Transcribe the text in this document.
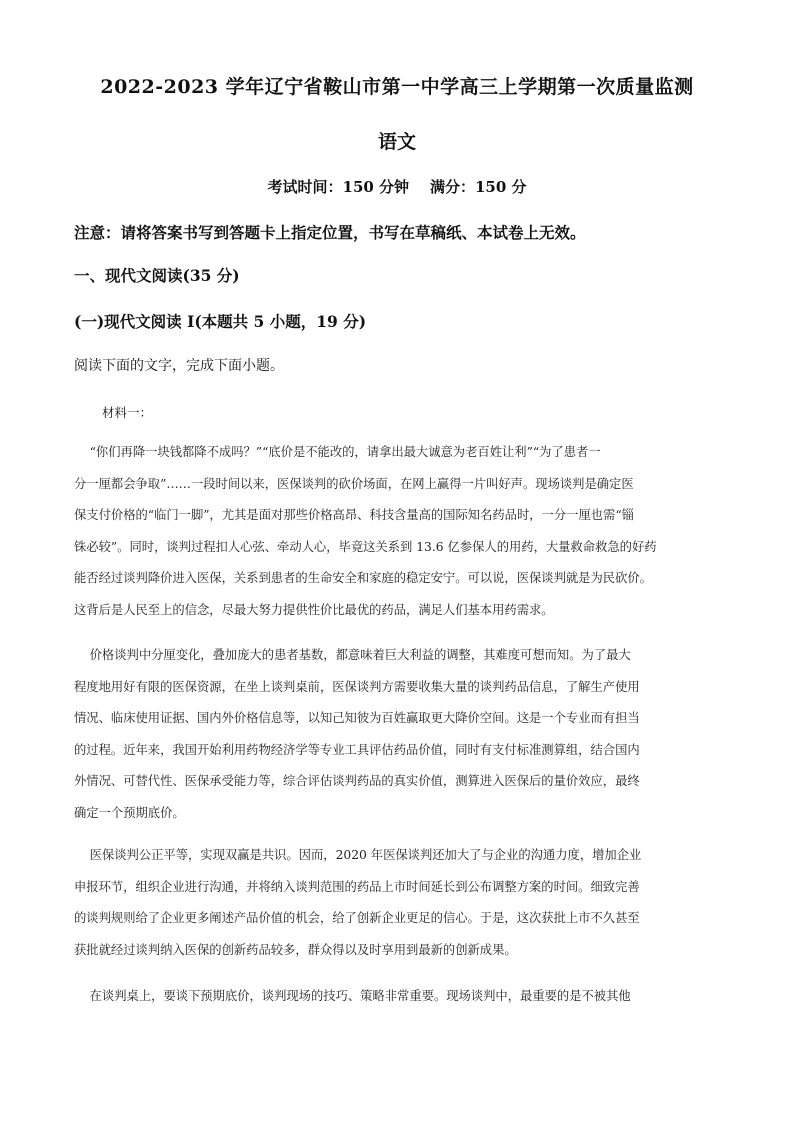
2022-2023 学年辽宁省鞍山市第一中学高三上学期第一次质量监测
语文
考试时间：150 分钟    满分：150 分
注意：请将答案书写到答题卡上指定位置，书写在草稿纸、本试卷上无效。
一、现代文阅读(35 分)
(一)现代文阅读 I(本题共 5 小题，19 分)
阅读下面的文字，完成下面小题。
材料一：
“你们再降一块钱都降不成吗？”“底价是不能改的，请拿出最大诚意为老百姓让利”“为了患者一
分一厘都会争取”……一段时间以来，医保谈判的砍价场面，在网上赢得一片叫好声。现场谈判是确定医
保支付价格的“临门一脚”，尤其是面对那些价格高昂、科技含量高的国际知名药品时，一分一厘也需“锱
铢必较”。同时，谈判过程扣人心弦、牵动人心，毕竟这关系到 13.6 亿参保人的用药，大量救命救急的好药
能否经过谈判降价进入医保，关系到患者的生命安全和家庭的稳定安宁。可以说，医保谈判就是为民砍价。
这背后是人民至上的信念，尽最大努力提供性价比最优的药品，满足人们基本用药需求。
价格谈判中分厘变化，叠加庞大的患者基数，都意味着巨大利益的调整，其难度可想而知。为了最大
程度地用好有限的医保资源，在坐上谈判桌前，医保谈判方需要收集大量的谈判药品信息，了解生产使用
情况、临床使用证据、国内外价格信息等，以知己知彼为百姓赢取更大降价空间。这是一个专业而有担当
的过程。近年来，我国开始利用药物经济学等专业工具评估药品价值，同时有支付标准测算组，结合国内
外情况、可替代性、医保承受能力等，综合评估谈判药品的真实价值，测算进入医保后的量价效应，最终
确定一个预期底价。
医保谈判公正平等，实现双赢是共识。因而，2020 年医保谈判还加大了与企业的沟通力度，增加企业
申报环节，组织企业进行沟通，并将纳入谈判范围的药品上市时间延长到公布调整方案的时间。细致完善
的谈判规则给了企业更多阐述产品价值的机会，给了创新企业更足的信心。于是，这次获批上市不久甚至
获批就经过谈判纳入医保的创新药品较多，群众得以及时享用到最新的创新成果。
在谈判桌上，要谈下预期底价，谈判现场的技巧、策略非常重要。现场谈判中，最重要的是不被其他
